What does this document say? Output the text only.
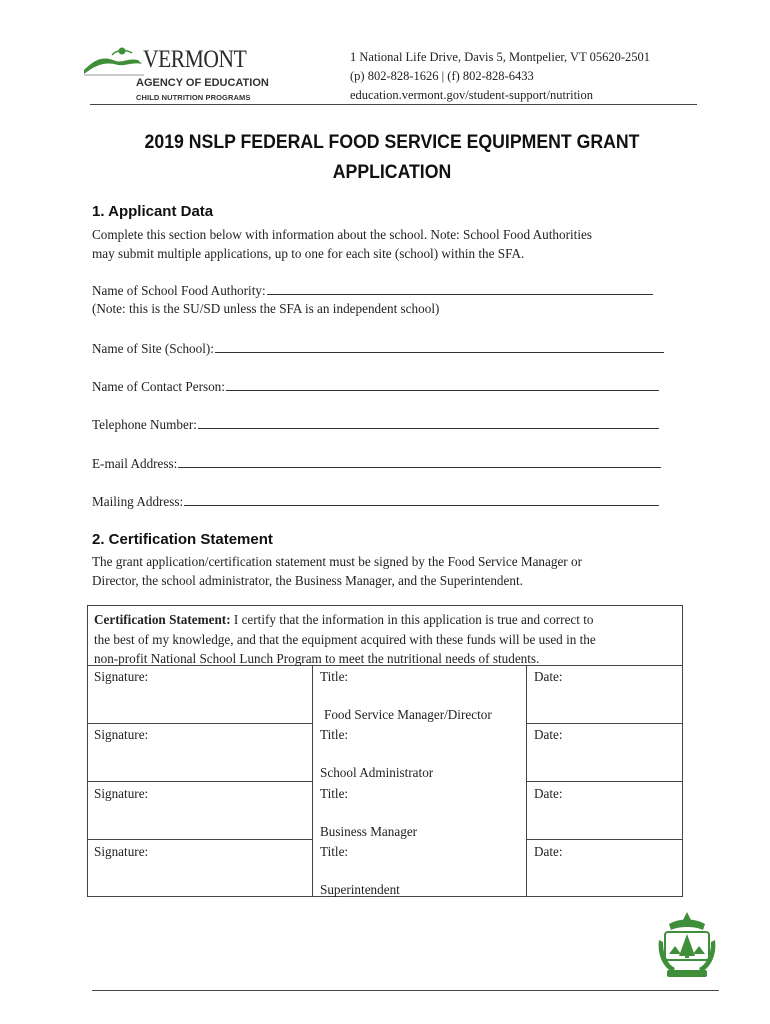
VERMONT
AGENCY OF EDUCATION
CHILD NUTRITION PROGRAMS
1 National Life Drive, Davis 5, Montpelier, VT 05620-2501
(p) 802-828-1626 | (f) 802-828-6433
education.vermont.gov/student-support/nutrition
2019 NSLP FEDERAL FOOD SERVICE EQUIPMENT GRANT
APPLICATION
1. Applicant Data
Complete this section below with information about the school. Note: School Food Authorities
may submit multiple applications, up to one for each site (school) within the SFA.
Name of School Food Authority:
(Note: this is the SU/SD unless the SFA is an independent school)
Name of Site (School):
Name of Contact Person:
Telephone Number:
E-mail Address:
Mailing Address:
2. Certification Statement
The grant application/certification statement must be signed by the Food Service Manager or
Director, the school administrator, the Business Manager, and the Superintendent.
Certification Statement: I certify that the information in this application is true and correct to
the best of my knowledge, and that the equipment acquired with these funds will be used in the
non-profit National School Lunch Program to meet the nutritional needs of students.
Signature:	Title:	Date:
Food Service Manager/Director
Signature:	Title:	Date:
School Administrator
Signature:	Title:	Date:
Business Manager
Signature:	Title:	Date:
Superintendent
